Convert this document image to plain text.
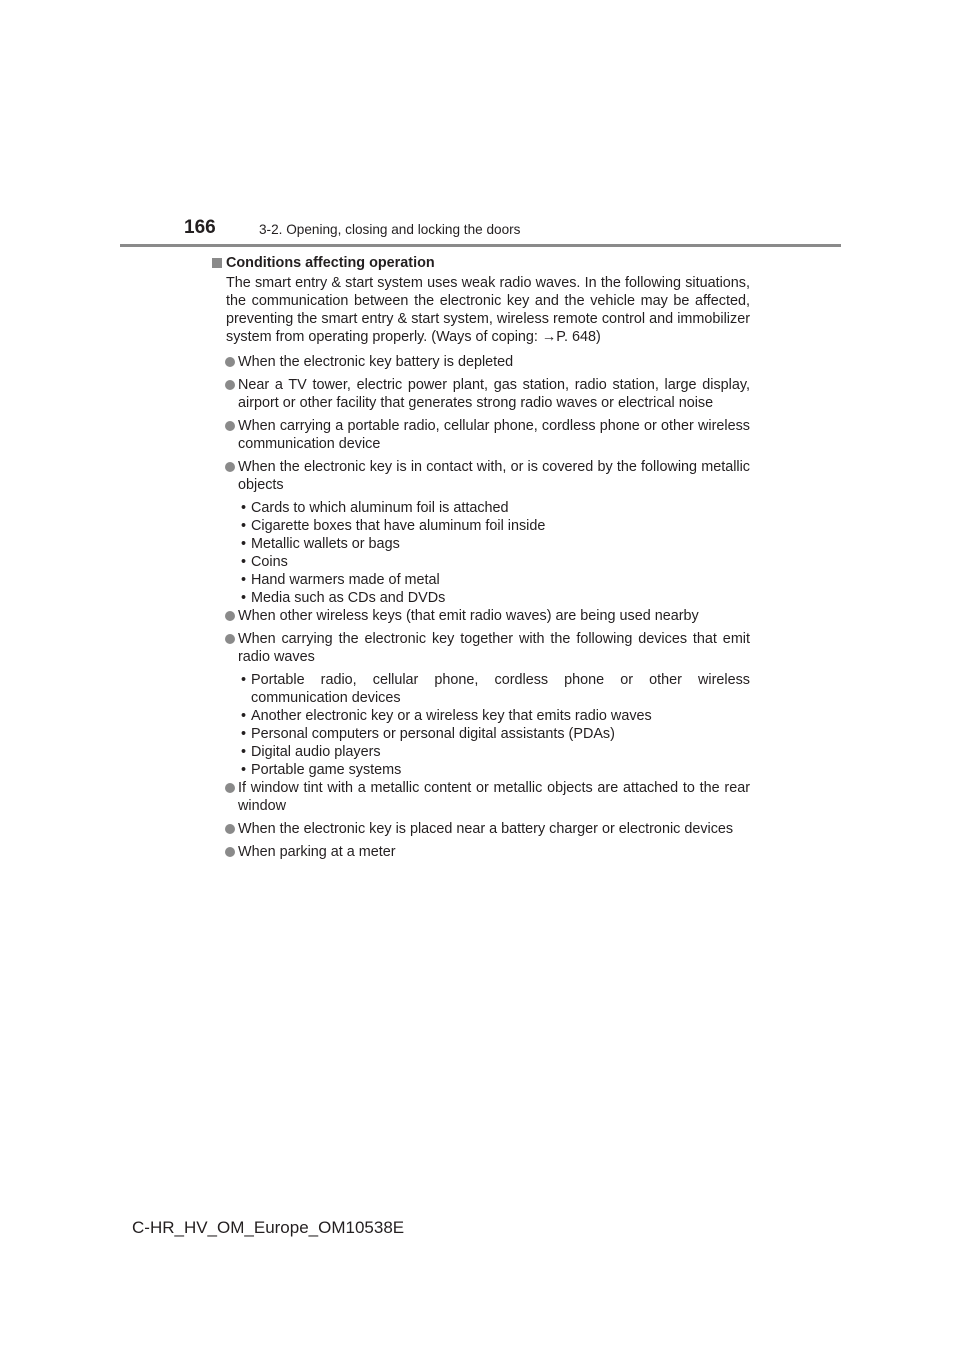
166	3-2. Opening, closing and locking the doors
Conditions affecting operation
The smart entry & start system uses weak radio waves. In the following situations, the communication between the electronic key and the vehicle may be affected, preventing the smart entry & start system, wireless remote control and immobilizer system from operating properly. (Ways of coping: →P. 648)
When the electronic key battery is depleted
Near a TV tower, electric power plant, gas station, radio station, large display, airport or other facility that generates strong radio waves or electrical noise
When carrying a portable radio, cellular phone, cordless phone or other wireless communication device
When the electronic key is in contact with, or is covered by the following metallic objects
• Cards to which aluminum foil is attached
• Cigarette boxes that have aluminum foil inside
• Metallic wallets or bags
• Coins
• Hand warmers made of metal
• Media such as CDs and DVDs
When other wireless keys (that emit radio waves) are being used nearby
When carrying the electronic key together with the following devices that emit radio waves
• Portable radio, cellular phone, cordless phone or other wireless communication devices
• Another electronic key or a wireless key that emits radio waves
• Personal computers or personal digital assistants (PDAs)
• Digital audio players
• Portable game systems
If window tint with a metallic content or metallic objects are attached to the rear window
When the electronic key is placed near a battery charger or electronic devices
When parking at a meter
C-HR_HV_OM_Europe_OM10538E
